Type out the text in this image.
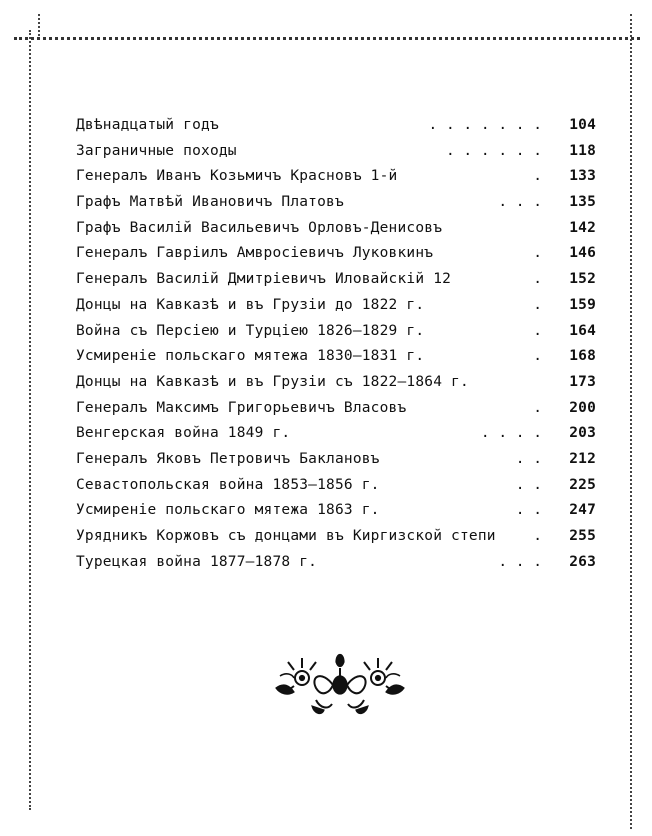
Двѣнадцатый годъ	. . . . . . .	104
Заграничные походы	. . . . . .	118
Генералъ Иванъ Козьмичъ Красновъ 1-й	.	133
Графъ Матвѣй Ивановичъ Платовъ	. . .	135
Графъ Василій Васильевичъ Орловъ-Денисовъ	142
Генералъ Гавріилъ Амвросіевичъ Луковкинъ	.	146
Генералъ Василій Дмитріевичъ Иловайскій 12	.	152
Донцы на Кавказѣ и въ Грузіи до 1822 г.	.	159
Война съ Персіею и Турціею 1826—1829 г.	.	164
Усмиреніе польскаго мятежа 1830—1831 г.	.	168
Донцы на Кавказѣ и въ Грузіи съ 1822—1864 г.	173
Генералъ Максимъ Григорьевичъ Власовъ	.	200
Венгерская война 1849 г.	. . . .	203
Генералъ Яковъ Петровичъ Баклановъ	. .	212
Севастопольская война 1853—1856 г.	. .	225
Усмиреніе польскаго мятежа 1863 г.	. .	247
Урядникъ Коржовъ съ донцами въ Киргизской степи	.	255
Турецкая война 1877—1878 г.	. . .	263
